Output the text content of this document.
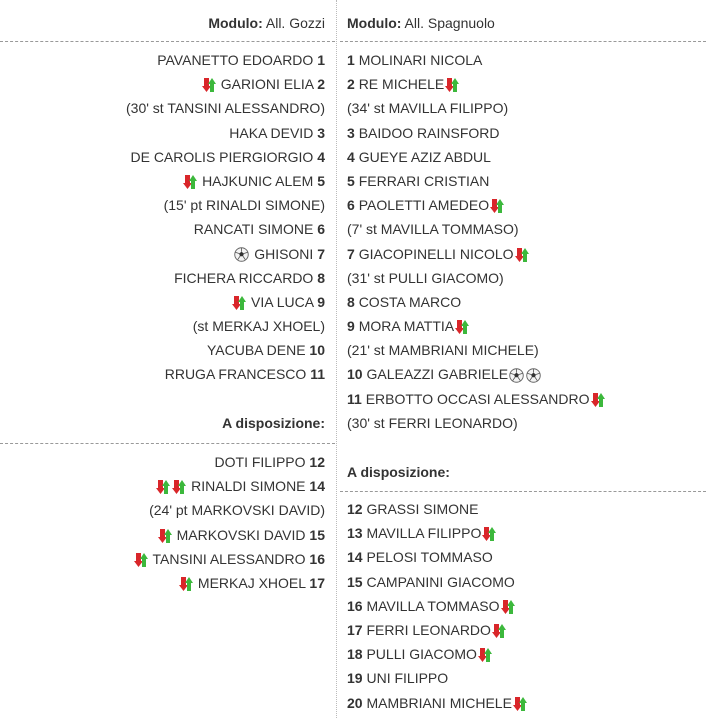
Modulo: All. Gozzi
PAVANETTO EDOARDO 1
GARIONI ELIA 2
(30' st TANSINI ALESSANDRO)
HAKA DEVID 3
DE CAROLIS PIERGIORGIO 4
HAJKUNIC ALEM 5
(15' pt RINALDI SIMONE)
RANCATI SIMONE 6
GHISONI 7
FICHERA RICCARDO 8
VIA LUCA 9
(st MERKAJ XHOEL)
YACUBA DENE 10
RRUGA FRANCESCO 11
A disposizione:
DOTI FILIPPO 12
RINALDI SIMONE 14
(24' pt MARKOVSKI DAVID)
MARKOVSKI DAVID 15
TANSINI ALESSANDRO 16
MERKAJ XHOEL 17
Modulo: All. Spagnuolo
1 MOLINARI NICOLA
2 RE MICHELE
(34' st MAVILLA FILIPPO)
3 BAIDOO RAINSFORD
4 GUEYE AZIZ ABDUL
5 FERRARI CRISTIAN
6 PAOLETTI AMEDEO
(7' st MAVILLA TOMMASO)
7 GIACOPINELLI NICOLO
(31' st PULLI GIACOMO)
8 COSTA MARCO
9 MORA MATTIA
(21' st MAMBRIANI MICHELE)
10 GALEAZZI GABRIELE
11 ERBOTTO OCCASI ALESSANDRO
(30' st FERRI LEONARDO)
A disposizione:
12 GRASSI SIMONE
13 MAVILLA FILIPPO
14 PELOSI TOMMASO
15 CAMPANINI GIACOMO
16 MAVILLA TOMMASO
17 FERRI LEONARDO
18 PULLI GIACOMO
19 UNI FILIPPO
20 MAMBRIANI MICHELE
